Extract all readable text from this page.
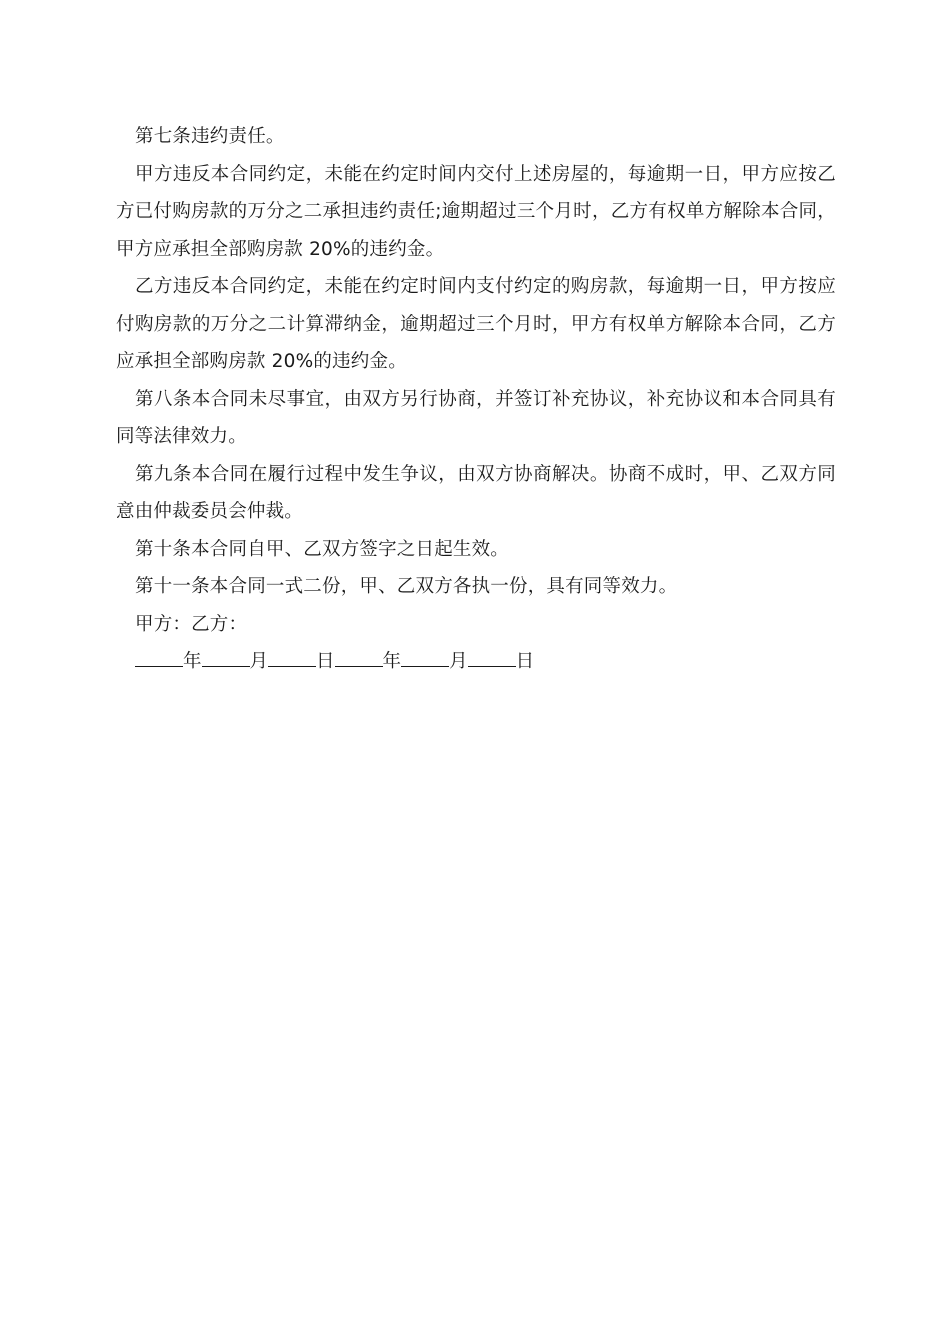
第七条违约责任。

甲方违反本合同约定，未能在约定时间内交付上述房屋的，每逾期一日，甲方应按乙方已付购房款的万分之二承担违约责任;逾期超过三个月时，乙方有权单方解除本合同，甲方应承担全部购房款 20%的违约金。

乙方违反本合同约定，未能在约定时间内支付约定的购房款，每逾期一日，甲方按应付购房款的万分之二计算滞纳金，逾期超过三个月时，甲方有权单方解除本合同，乙方应承担全部购房款 20%的违约金。

第八条本合同未尽事宜，由双方另行协商，并签订补充协议，补充协议和本合同具有同等法律效力。

第九条本合同在履行过程中发生争议，由双方协商解决。协商不成时，甲、乙双方同意由仲裁委员会仲裁。

第十条本合同自甲、乙双方签字之日起生效。

第十一条本合同一式二份，甲、乙双方各执一份，具有同等效力。

甲方：乙方：

年	月	日	年	月	日
